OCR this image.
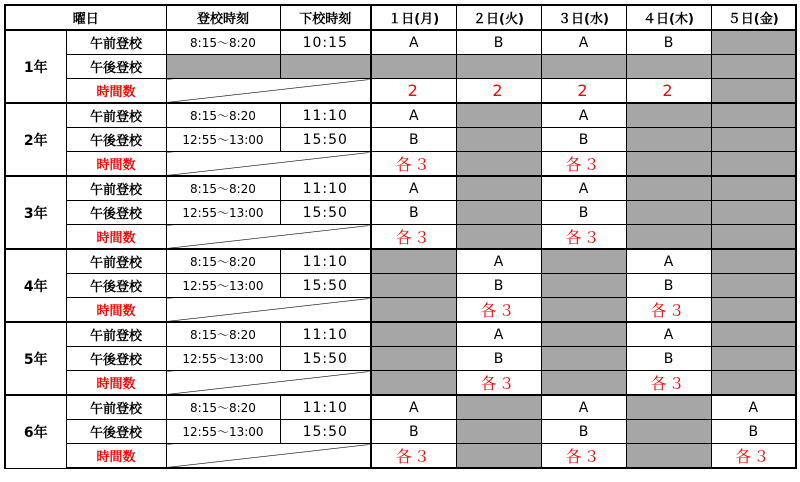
曜日		登校時刻	下校時刻	１日(月)	２日(火)	３日(水)	４日(木)	５日(金)
1年	午前登校	8:15～8:20	10:15	A	B	A	B	
	午後登校							
	時間数			2	2	2	2	
2年	午前登校	8:15～8:20	11:10	A		A		
	午後登校	12:55～13:00	15:50	B		B		
	時間数			各３		各３		
3年	午前登校	8:15～8:20	11:10	A		A		
	午後登校	12:55～13:00	15:50	B		B		
	時間数			各３		各３		
4年	午前登校	8:15～8:20	11:10		A		A	
	午後登校	12:55～13:00	15:50		B		B	
	時間数				各３		各３	
5年	午前登校	8:15～8:20	11:10		A		A	
	午後登校	12:55～13:00	15:50		B		B	
	時間数				各３		各３	
6年	午前登校	8:15～8:20	11:10	A		A		A
	午後登校	12:55～13:00	15:50	B		B		B
	時間数			各３		各３		各３
